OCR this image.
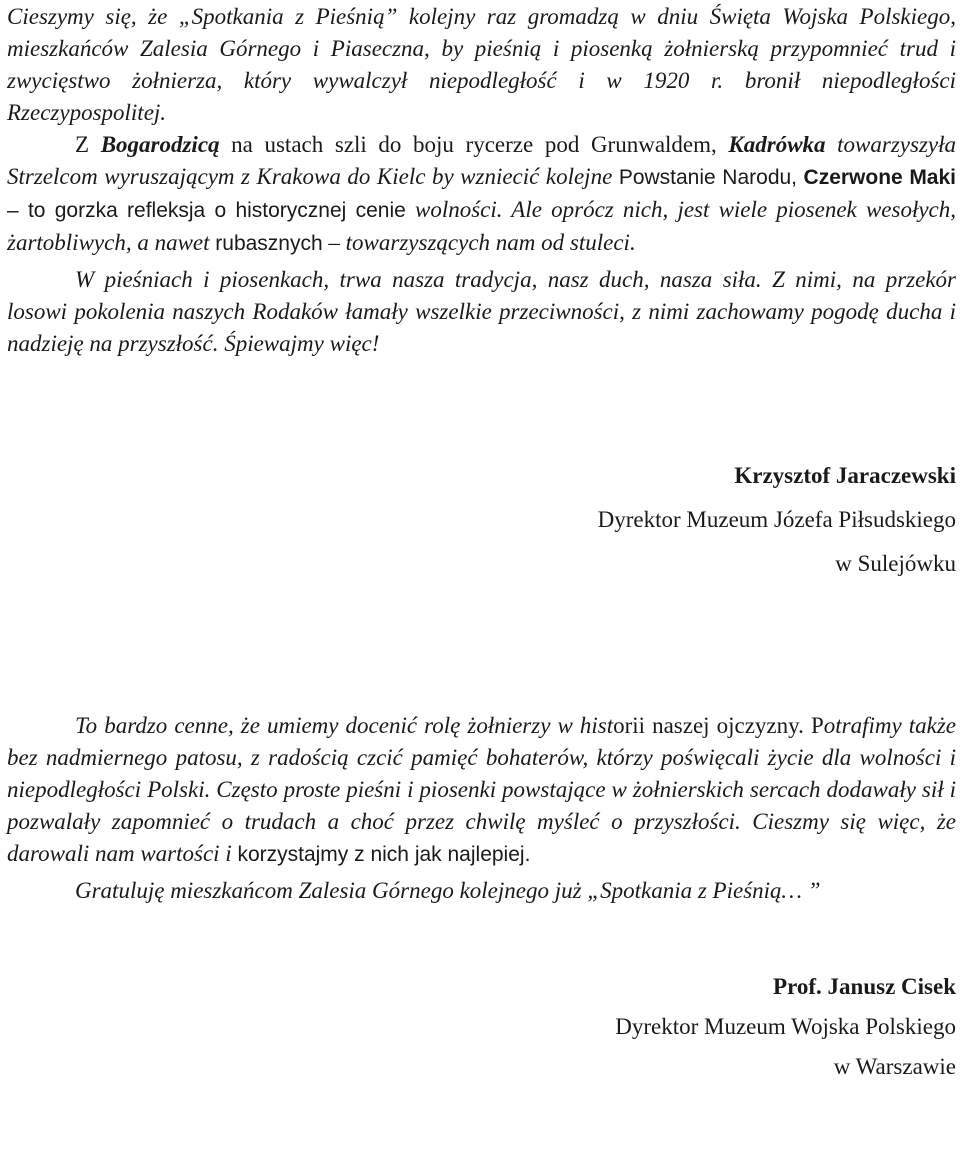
Cieszymy się, że „Spotkania z Pieśnią” kolejny raz gromadzą w dniu Święta Wojska Polskiego, mieszkańców Zalesia Górnego i Piaseczna, by pieśnią i piosenką żołnierską przypomnieć trud i zwycięstwo żołnierza, który wywalczył niepodległość i w 1920 r. bronił niepodległości Rzeczypospolitej.

Z Bogarodzicą na ustach szli do boju rycerze pod Grunwaldem, Kadrówka towarzyszyła Strzelcom wyruszającym z Krakowa do Kielc by wzniecić kolejne Powstanie Narodu, Czerwone Maki – to gorzka refleksja o historycznej cenie wolności. Ale oprócz nich, jest wiele piosenek wesołych, żartobliwych, a nawet rubasznych – towarzyszących nam od stuleci.

W pieśniach i piosenkach, trwa nasza tradycja, nasz duch, nasza siła. Z nimi, na przekór losowi pokolenia naszych Rodaków łamały wszelkie przeciwności, z nimi zachowamy pogodę ducha i nadzieję na przyszłość. Śpiewajmy więc!

Krzysztof Jaraczewski
Dyrektor Muzeum Józefa Piłsudskiego
w Sulejówku

To bardzo cenne, że umiemy docenić rolę żołnierzy w historii naszej ojczyzny. Potrafimy także bez nadmiernego patosu, z radością czcić pamięć bohaterów, którzy poświęcali życie dla wolności i niepodległości Polski. Często proste pieśni i piosenki powstające w żołnierskich sercach dodawały sił i pozwalały zapomnieć o trudach a choć przez chwilę myśleć o przyszłości. Cieszmy się więc, że darowali nam wartości i korzystajmy z nich jak najlepiej.

Gratuluję mieszkańcom Zalesia Górnego kolejnego już „Spotkania z Pieśnią… ”

Prof. Janusz Cisek
Dyrektor Muzeum Wojska Polskiego
w Warszawie
